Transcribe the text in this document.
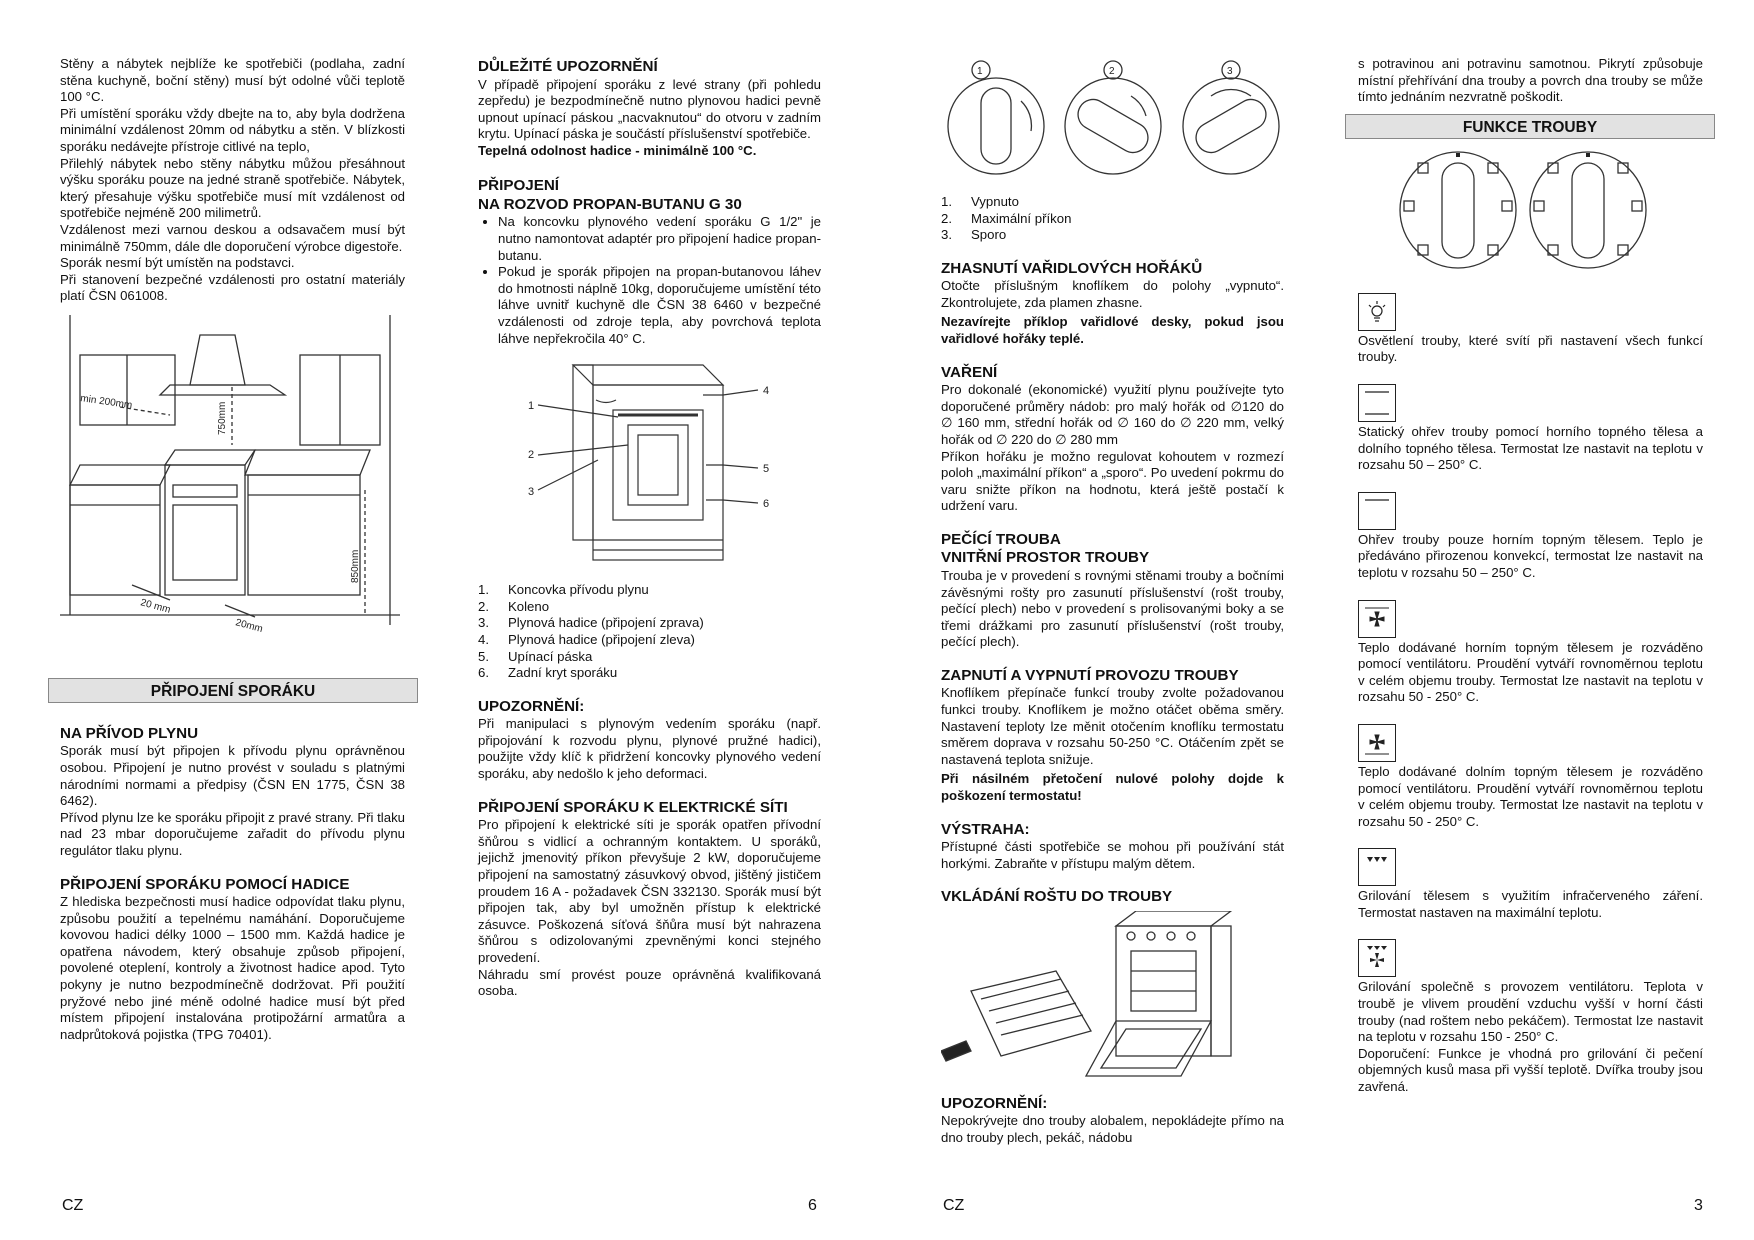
Stěny a nábytek nejblíže ke spotřebiči (podlaha, zadní stěna kuchyně, boční stěny) musí být odolné vůči teplotě 100 °C.

Při umístění sporáku vždy dbejte na to, aby byla dodržena minimální vzdálenost 20mm od nábytku a stěn. V blízkosti sporáku nedávejte přístroje citlivé na teplo,

Přilehlý nábytek nebo stěny nábytku můžou přesáhnout výšku sporáku pouze na jedné straně spotřebiče. Nábytek, který přesahuje výšku spotřebiče musí mít vzdálenost od spotřebiče nejméně 200 milimetrů.

Vzdálenost mezi varnou deskou a odsavačem musí být minimálně 750mm, dále dle doporučení výrobce digestoře.

Sporák nesmí být umístěn na podstavci.

Při stanovení bezpečné vzdálenosti pro ostatní materiály platí ČSN 061008.

min 200mm	750mm
850mm
20 mm
20mm
PŘIPOJENÍ SPORÁKU
NA PŘÍVOD PLYNU

Sporák musí být připojen k přívodu plynu oprávněnou osobou. Připojení je nutno provést v souladu s platnými národními normami a předpisy (ČSN EN 1775, ČSN 38 6462).

Přívod plynu lze ke sporáku připojit z pravé strany. Při tlaku nad 23 mbar doporučujeme zařadit do přívodu plynu regulátor tlaku plynu.

PŘIPOJENÍ SPORÁKU POMOCÍ HADICE

Z hlediska bezpečnosti musí hadice odpovídat tlaku plynu, způsobu použití a tepelnému namáhání. Doporučujeme kovovou hadici délky 1000 – 1500 mm. Každá hadice je opatřena návodem, který obsahuje způsob připojení, povolené oteplení, kontroly a životnost hadice apod. Tyto pokyny je nutno bezpodmínečně dodržovat. Při použití pryžové nebo jiné méně odolné hadice musí být před místem připojení instalována protipožární armatůra a nadprůtoková pojistka (TPG 70401).

DŮLEŽITÉ UPOZORNĚNÍ

V případě připojení sporáku z levé strany (při pohledu zepředu) je bezpodmínečně nutno plynovou hadici pevně upnout upínací páskou „nacvaknutou“ do otvoru v zadním krytu. Upínací páska je součástí příslušenství spotřebiče.

Tepelná odolnost hadice - minimálně 100 °C.

PŘIPOJENÍ
NA ROZVOD PROPAN-BUTANU G 30
• Na koncovku plynového vedení sporáku G 1/2" je nutno namontovat adaptér pro připojení hadice propan-butanu.
• Pokud je sporák připojen na propan-butanovou láhev do hmotnosti náplně 10kg, doporučujeme umístění této láhve uvnitř kuchyně dle ČSN 38 6460 v bezpečné vzdálenosti od zdroje tepla, aby povrchová teplota láhve nepřekročila 40° C.
1
2
3
4
5
6
1.	Koncovka přívodu plynu
2.	Koleno
3.	Plynová hadice (připojení zprava)
4.	Plynová hadice (připojení zleva)
5.	Upínací páska
6.	Zadní kryt sporáku
UPOZORNĚNÍ:

Při manipulaci s plynovým vedením sporáku (např. připojování k rozvodu plynu, plynové pružné hadici), použijte vždy klíč k přidržení koncovky plynového vedení sporáku, aby nedošlo k jeho deformaci.

PŘIPOJENÍ SPORÁKU K ELEKTRICKÉ SÍTI

Pro připojení k elektrické síti je sporák opatřen přívodní šňůrou s vidlicí a ochranným kontaktem. U sporáků, jejichž jmenovitý příkon převyšuje 2 kW, doporučujeme připojení na samostatný zásuvkový obvod, jištěný jističem proudem 16 A - požadavek ČSN 332130. Sporák musí být připojen tak, aby byl umožněn přístup k elektrické zásuvce. Poškozená síťová šňůra musí být nahrazena šňůrou s odizolovanými zpevněnými konci stejného provedení.

Náhradu smí provést pouze oprávněná kvalifikovaná osoba.

1	2	3
1.	Vypnuto
2.	Maximální příkon
3.	Sporo
ZHASNUTÍ VAŘIDLOVÝCH HOŘÁKŮ

Otočte příslušným knoflíkem do polohy „vypnuto“. Zkontrolujete, zda plamen zhasne.

Nezavírejte příklop vařidlové desky, pokud jsou vařidlové hořáky teplé.

VAŘENÍ

Pro dokonalé (ekonomické) využití plynu používejte tyto doporučené průměry nádob: pro malý hořák od ∅120 do ∅ 160 mm, střední hořák od ∅ 160 do ∅ 220 mm, velký hořák od ∅ 220 do ∅ 280 mm

Příkon hořáku je možno regulovat kohoutem v rozmezí poloh „maximální příkon“ a „sporo“. Po uvedení pokrmu do varu snižte příkon na hodnotu, která ještě postačí k udržení varu.

PEČÍCÍ TROUBA
VNITŘNÍ PROSTOR TROUBY

Trouba je v provedení s rovnými stěnami trouby a bočními závěsnými rošty pro zasunutí příslušenství (rošt trouby, pečící plech) nebo v provedení s prolisovanými boky a se třemi drážkami pro zasunutí příslušenství (rošt trouby, pečící plech).

ZAPNUTÍ A VYPNUTÍ PROVOZU TROUBY

Knoflíkem přepínače funkcí trouby zvolte požadovanou funkci trouby. Knoflíkem je možno otáčet oběma směry. Nastavení teploty lze měnit otočením knoflíku termostatu směrem doprava v rozsahu 50-250 °C. Otáčením zpět se nastavená teplota snižuje.

Při násilném přetočení nulové polohy dojde k poškození termostatu!

VÝSTRAHA:

Přístupné části spotřebiče se mohou při používání stát horkými. Zabraňte v přístupu malým dětem.

VKLÁDÁNÍ ROŠTU DO TROUBY
UPOZORNĚNÍ:

Nepokrývejte dno trouby alobalem, nepokládejte přímo na dno trouby plech, pekáč, nádobu

s potravinou ani potravinu samotnou. Pikrytí způsobuje místní přehřívání dna trouby a povrch dna trouby se může tímto jednáním nezvratně poškodit.

FUNKCE TROUBY

Osvětlení trouby, které svítí při nastavení všech funkcí trouby.

Statický ohřev trouby pomocí horního topného tělesa a dolního topného tělesa. Termostat lze nastavit na teplotu v rozsahu 50 – 250° C.

Ohřev trouby pouze horním topným tělesem. Teplo je předáváno přirozenou konvekcí, termostat lze nastavit na teplotu v rozsahu 50 – 250° C.

Teplo dodávané horním topným tělesem je rozváděno pomocí ventilátoru. Proudění vytváří rovnoměrnou teplotu v celém objemu trouby. Termostat lze nastavit na teplotu v rozsahu 50 - 250° C.

Teplo dodávané dolním topným tělesem je rozváděno pomocí ventilátoru. Proudění vytváří rovnoměrnou teplotu v celém objemu trouby. Termostat lze nastavit na teplotu v rozsahu 50 - 250° C.

Grilování tělesem s využitím infračerveného záření. Termostat nastaven na maximální teplotu.

Grilování společně s provozem ventilátoru. Teplota v troubě je vlivem proudění vzduchu vyšší v horní části trouby (nad roštem nebo pekáčem). Termostat lze nastavit na teplotu v rozsahu 150 - 250° C.

Doporučení: Funkce je vhodná pro grilování či pečení objemných kusů masa při vyšší teplotě. Dvířka trouby jsou zavřená.

CZ	6	CZ	3
